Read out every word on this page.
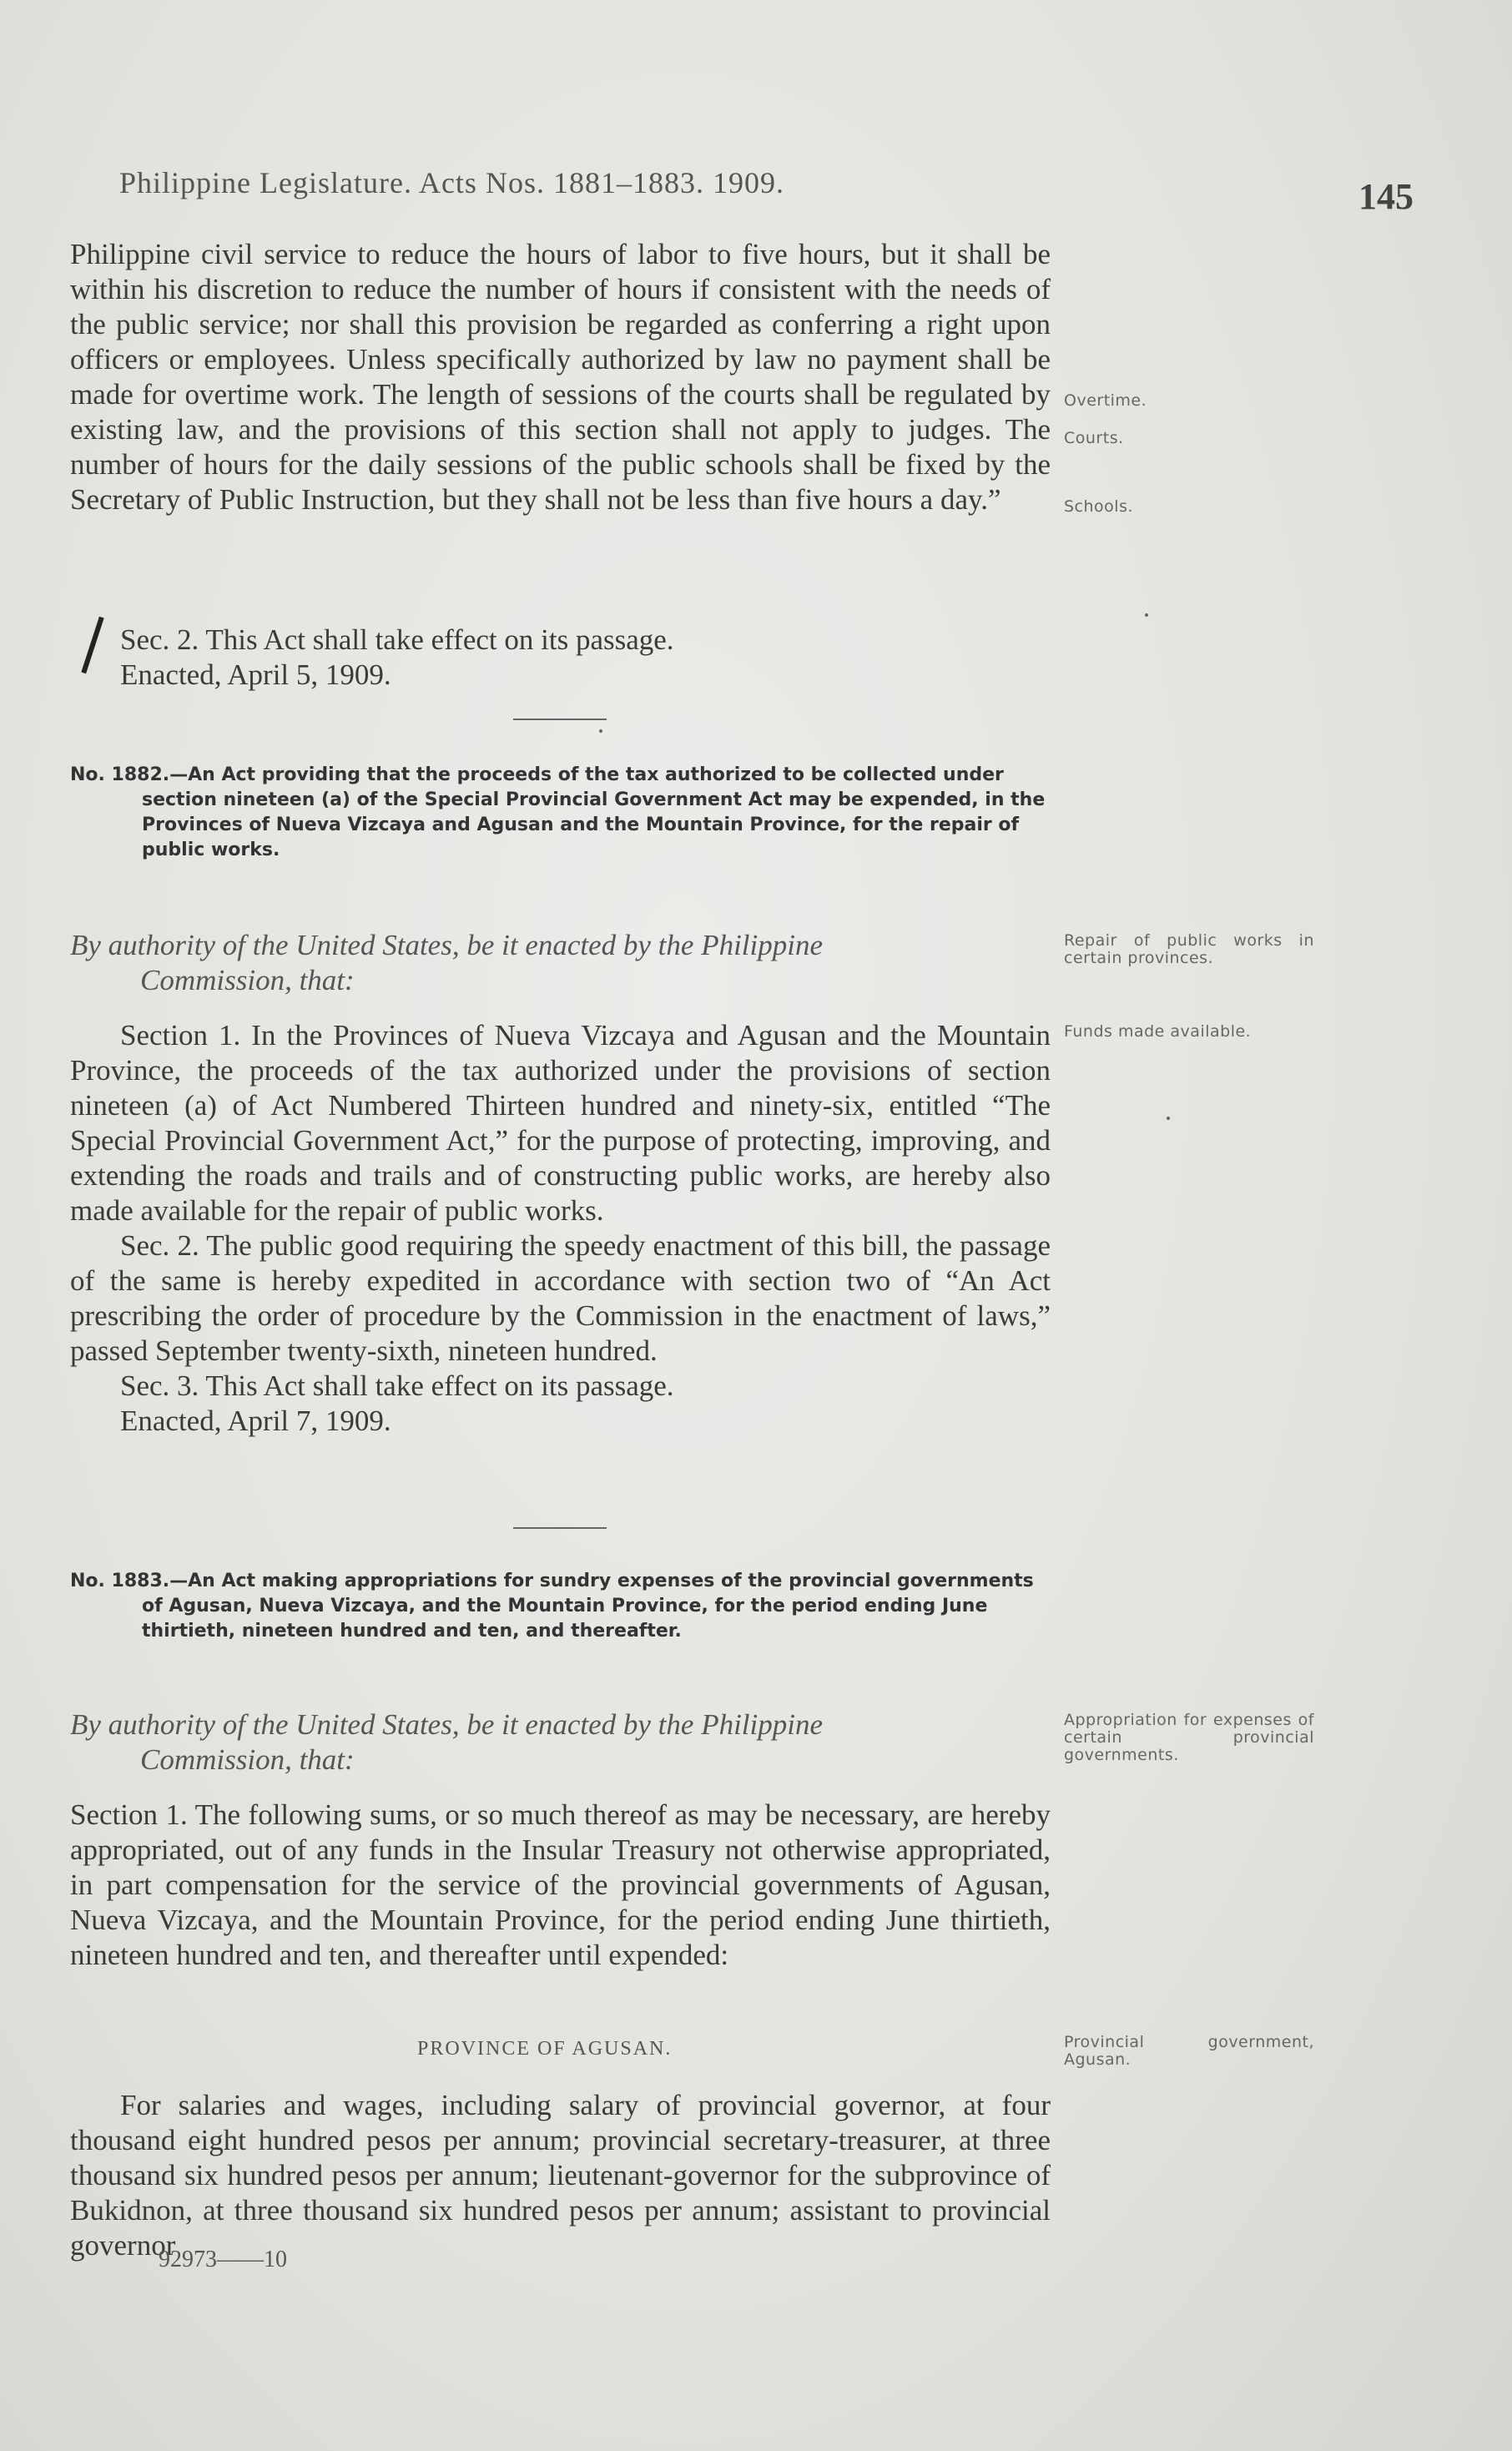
Philippine Legislature. Acts Nos. 1881–1883. 1909.	145
Philippine civil service to reduce the hours of labor to five hours, but it shall be within his discretion to reduce the number of hours if consistent with the needs of the public service; nor shall this provision be regarded as conferring a right upon officers or employees. Unless specifically authorized by law no payment shall be made for overtime work. The length of sessions of the courts shall be regulated by existing law, and the provisions of this section shall not apply to judges. The number of hours for the daily sessions of the public schools shall be fixed by the Secretary of Public Instruction, but they shall not be less than five hours a day.”
Sec. 2. This Act shall take effect on its passage.
Enacted, April 5, 1909.
No. 1882.—An Act providing that the proceeds of the tax authorized to be collected under section nineteen (a) of the Special Provincial Government Act may be expended, in the Provinces of Nueva Vizcaya and Agusan and the Mountain Province, for the repair of public works.
By authority of the United States, be it enacted by the Philippine
Commission, that:
Section 1. In the Provinces of Nueva Vizcaya and Agusan and the Mountain Province, the proceeds of the tax authorized under the provisions of section nineteen (a) of Act Numbered Thirteen hundred and ninety-six, entitled “The Special Provincial Government Act,” for the purpose of protecting, improving, and extending the roads and trails and of constructing public works, are hereby also made available for the repair of public works.
Sec. 2. The public good requiring the speedy enactment of this bill, the passage of the same is hereby expedited in accordance with section two of “An Act prescribing the order of procedure by the Commission in the enactment of laws,” passed September twenty-sixth, nineteen hundred.
Sec. 3. This Act shall take effect on its passage.
Enacted, April 7, 1909.
No. 1883.—An Act making appropriations for sundry expenses of the provincial governments of Agusan, Nueva Vizcaya, and the Mountain Province, for the period ending June thirtieth, nineteen hundred and ten, and thereafter.
By authority of the United States, be it enacted by the Philippine
Commission, that:
Section 1. The following sums, or so much thereof as may be necessary, are hereby appropriated, out of any funds in the Insular Treasury not otherwise appropriated, in part compensation for the service of the provincial governments of Agusan, Nueva Vizcaya, and the Mountain Province, for the period ending June thirtieth, nineteen hundred and ten, and thereafter until expended:
PROVINCE OF AGUSAN.
For salaries and wages, including salary of provincial governor, at four thousand eight hundred pesos per annum; provincial secretary-treasurer, at three thousand six hundred pesos per annum; lieutenant-governor for the subprovince of Bukidnon, at three thousand six hundred pesos per annum; assistant to provincial governor
92973——10
Overtime.
Courts.
Schools.
Repair of public works in certain provinces.
Funds made available.
Appropriation for expenses of certain provincial governments.
Provincial government, Agusan.
